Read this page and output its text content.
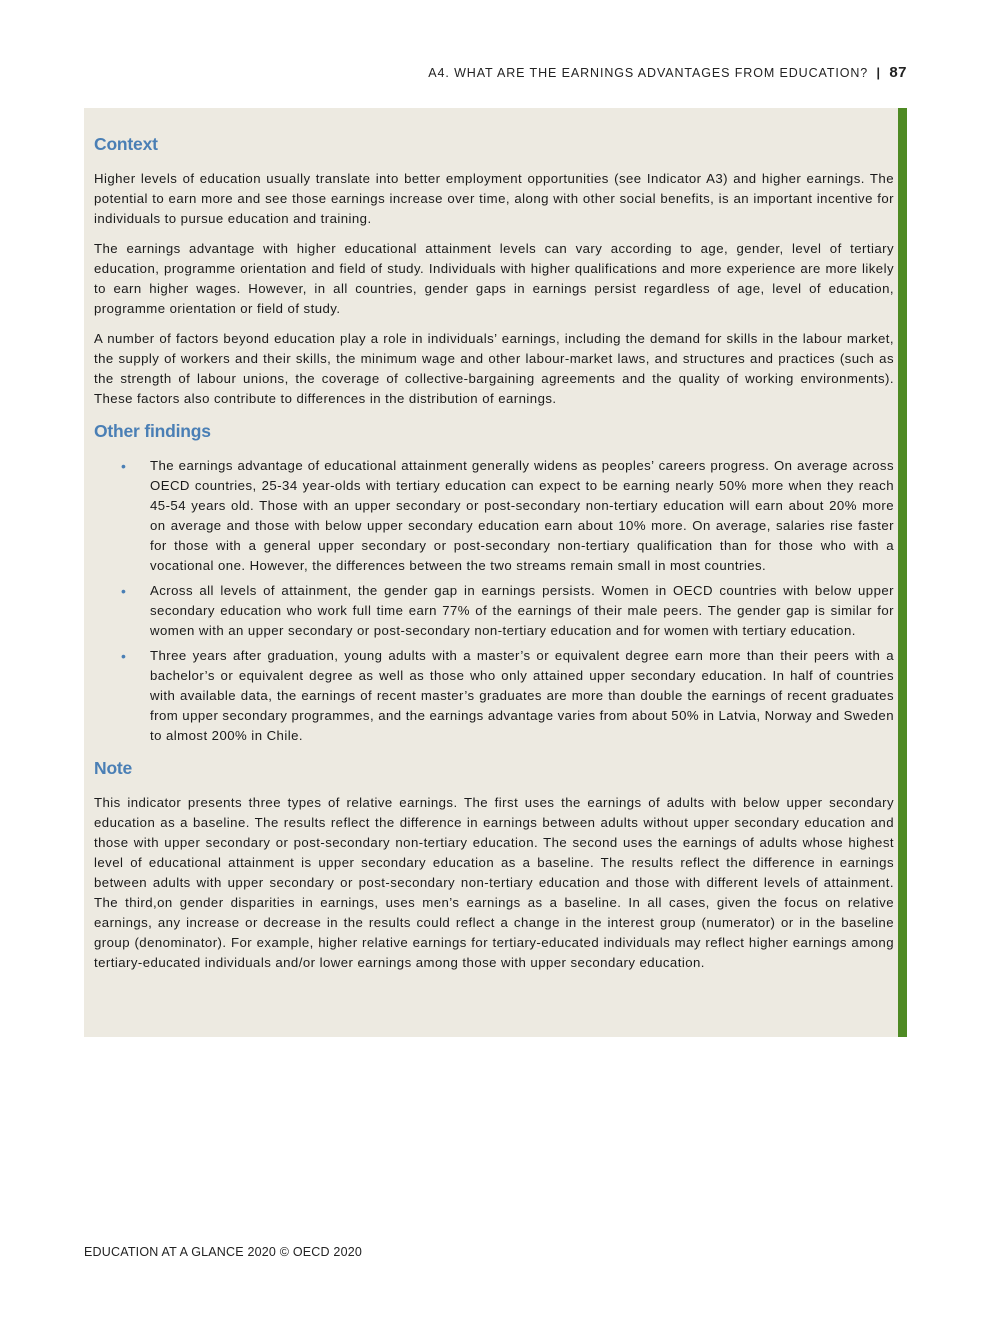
A4. WHAT ARE THE EARNINGS ADVANTAGES FROM EDUCATION? | 87
Context

Higher levels of education usually translate into better employment opportunities (see Indicator A3) and higher earnings. The potential to earn more and see those earnings increase over time, along with other social benefits, is an important incentive for individuals to pursue education and training.

The earnings advantage with higher educational attainment levels can vary according to age, gender, level of tertiary education, programme orientation and field of study. Individuals with higher qualifications and more experience are more likely to earn higher wages. However, in all countries, gender gaps in earnings persist regardless of age, level of education, programme orientation or field of study.

A number of factors beyond education play a role in individuals’ earnings, including the demand for skills in the labour market, the supply of workers and their skills, the minimum wage and other labour-market laws, and structures and practices (such as the strength of labour unions, the coverage of collective-bargaining agreements and the quality of working environments). These factors also contribute to differences in the distribution of earnings.

Other findings
• The earnings advantage of educational attainment generally widens as peoples’ careers progress. On average across OECD countries, 25-34 year-olds with tertiary education can expect to be earning nearly 50% more when they reach 45-54 years old. Those with an upper secondary or post-secondary non-tertiary education will earn about 20% more on average and those with below upper secondary education earn about 10% more. On average, salaries rise faster for those with a general upper secondary or post-secondary non-tertiary qualification than for those who with a vocational one. However, the differences between the two streams remain small in most countries.
• Across all levels of attainment, the gender gap in earnings persists. Women in OECD countries with below upper secondary education who work full time earn 77% of the earnings of their male peers. The gender gap is similar for women with an upper secondary or post-secondary non-tertiary education and for women with tertiary education.
• Three years after graduation, young adults with a master’s or equivalent degree earn more than their peers with a bachelor’s or equivalent degree as well as those who only attained upper secondary education. In half of countries with available data, the earnings of recent master’s graduates are more than double the earnings of recent graduates from upper secondary programmes, and the earnings advantage varies from about 50% in Latvia, Norway and Sweden to almost 200% in Chile.
Note

This indicator presents three types of relative earnings. The first uses the earnings of adults with below upper secondary education as a baseline. The results reflect the difference in earnings between adults without upper secondary education and those with upper secondary or post-secondary non-tertiary education. The second uses the earnings of adults whose highest level of educational attainment is upper secondary education as a baseline. The results reflect the difference in earnings between adults with upper secondary or post-secondary non-tertiary education and those with different levels of attainment. The third,on gender disparities in earnings, uses men’s earnings as a baseline. In all cases, given the focus on relative earnings, any increase or decrease in the results could reflect a change in the interest group (numerator) or in the baseline group (denominator). For example, higher relative earnings for tertiary-educated individuals may reflect higher earnings among tertiary-educated individuals and/or lower earnings among those with upper secondary education.

EDUCATION AT A GLANCE 2020 © OECD 2020
